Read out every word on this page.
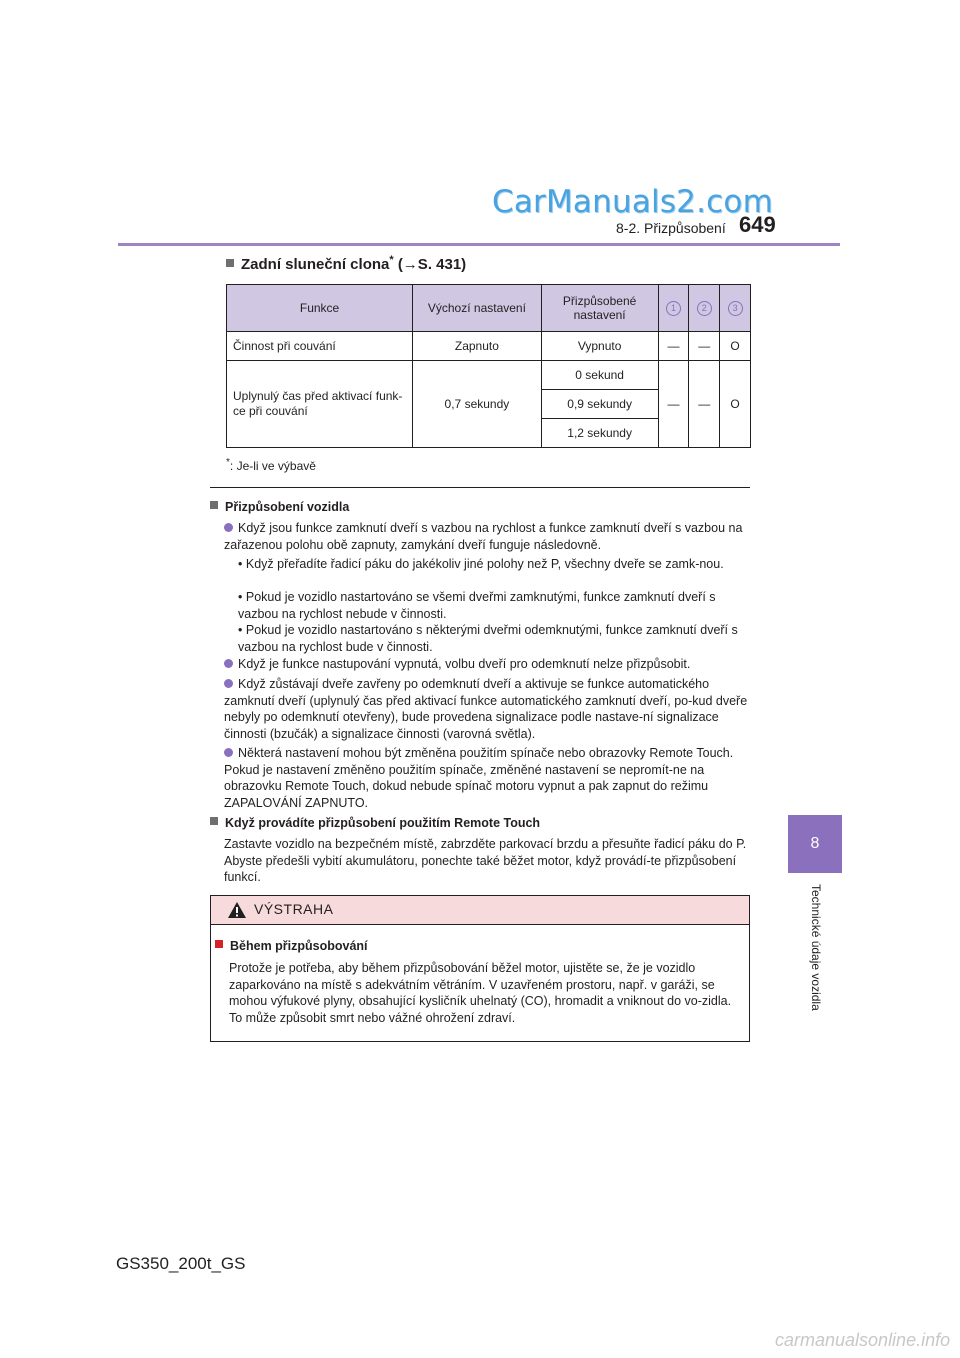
CarManuals2.com
8-2. Přizpůsobení 649
8
Technické údaje vozidla
Zadní sluneční clona* (→S. 431)
Funkce	Výchozí nastavení	Přizpůsobené nastavení	1	2	3
Činnost při couvání	Zapnuto	Vypnuto	—	—	O
Uplynulý čas před aktivací funk-ce při couvání	0,7 sekundy	0 sekund	—	—	O
		0,9 sekundy			
		1,2 sekundy			
*: Je-li ve výbavě
Přizpůsobení vozidla
Když jsou funkce zamknutí dveří s vazbou na rychlost a funkce zamknutí dveří s vazbou na zařazenou polohu obě zapnuty, zamykání dveří funguje následovně.
• Když přeřadíte řadicí páku do jakékoliv jiné polohy než P, všechny dveře se zamk-nou.
• Pokud je vozidlo nastartováno se všemi dveřmi zamknutými, funkce zamknutí dveří s vazbou na rychlost nebude v činnosti.
• Pokud je vozidlo nastartováno s některými dveřmi odemknutými, funkce zamknutí dveří s vazbou na rychlost bude v činnosti.
Když je funkce nastupování vypnutá, volbu dveří pro odemknutí nelze přizpůsobit.
Když zůstávají dveře zavřeny po odemknutí dveří a aktivuje se funkce automatického zamknutí dveří (uplynulý čas před aktivací funkce automatického zamknutí dveří, po-kud dveře nebyly po odemknutí otevřeny), bude provedena signalizace podle nastave-ní signalizace činnosti (bzučák) a signalizace činnosti (varovná světla).
Některá nastavení mohou být změněna použitím spínače nebo obrazovky Remote Touch. Pokud je nastavení změněno použitím spínače, změněné nastavení se nepromít-ne na obrazovku Remote Touch, dokud nebude spínač motoru vypnut a pak zapnut do režimu ZAPALOVÁNÍ ZAPNUTO.
Když provádíte přizpůsobení použitím Remote Touch
Zastavte vozidlo na bezpečném místě, zabrzděte parkovací brzdu a přesuňte řadicí páku do P. Abyste předešli vybití akumulátoru, ponechte také běžet motor, když provádí-te přizpůsobení funkcí.
VÝSTRAHA
Během přizpůsobování
Protože je potřeba, aby během přizpůsobování běžel motor, ujistěte se, že je vozidlo zaparkováno na místě s adekvátním větráním. V uzavřeném prostoru, např. v garáži, se mohou výfukové plyny, obsahující kysličník uhelnatý (CO), hromadit a vniknout do vo-zidla. To může způsobit smrt nebo vážné ohrožení zdraví.
GS350_200t_GS
carmanualsonline.info
